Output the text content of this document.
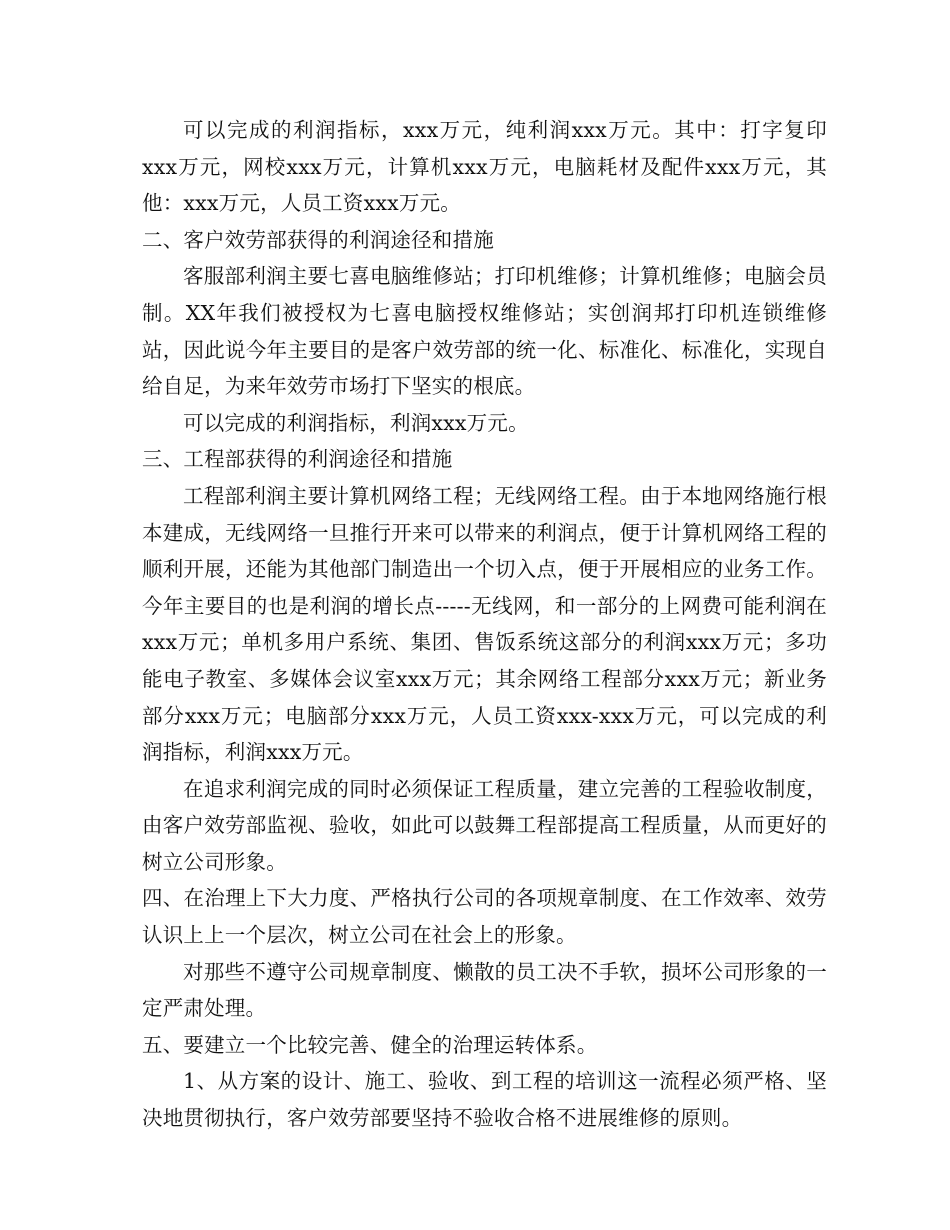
可以完成的利润指标，xxx万元，纯利润xxx万元。其中：打字复印xxx万元，网校xxx万元，计算机xxx万元，电脑耗材及配件xxx万元，其他：xxx万元，人员工资xxx万元。

二、客户效劳部获得的利润途径和措施

客服部利润主要七喜电脑维修站；打印机维修；计算机维修；电脑会员制。XX年我们被授权为七喜电脑授权维修站；实创润邦打印机连锁维修站，因此说今年主要目的是客户效劳部的统一化、标准化、标准化，实现自给自足，为来年效劳市场打下坚实的根底。

可以完成的利润指标，利润xxx万元。

三、工程部获得的利润途径和措施

工程部利润主要计算机网络工程；无线网络工程。由于本地网络施行根本建成，无线网络一旦推行开来可以带来的利润点，便于计算机网络工程的顺利开展，还能为其他部门制造出一个切入点，便于开展相应的业务工作。今年主要目的也是利润的增长点-----无线网，和一部分的上网费可能利润在xxx万元；单机多用户系统、集团、售饭系统这部分的利润xxx万元；多功能电子教室、多媒体会议室xxx万元；其余网络工程部分xxx万元；新业务部分xxx万元；电脑部分xxx万元，人员工资xxx-xxx万元，可以完成的利润指标，利润xxx万元。

在追求利润完成的同时必须保证工程质量，建立完善的工程验收制度，由客户效劳部监视、验收，如此可以鼓舞工程部提高工程质量，从而更好的树立公司形象。

四、在治理上下大力度、严格执行公司的各项规章制度、在工作效率、效劳认识上上一个层次，树立公司在社会上的形象。

对那些不遵守公司规章制度、懒散的员工决不手软，损坏公司形象的一定严肃处理。

五、要建立一个比较完善、健全的治理运转体系。

1、从方案的设计、施工、验收、到工程的培训这一流程必须严格、坚决地贯彻执行，客户效劳部要坚持不验收合格不进展维修的原则。
